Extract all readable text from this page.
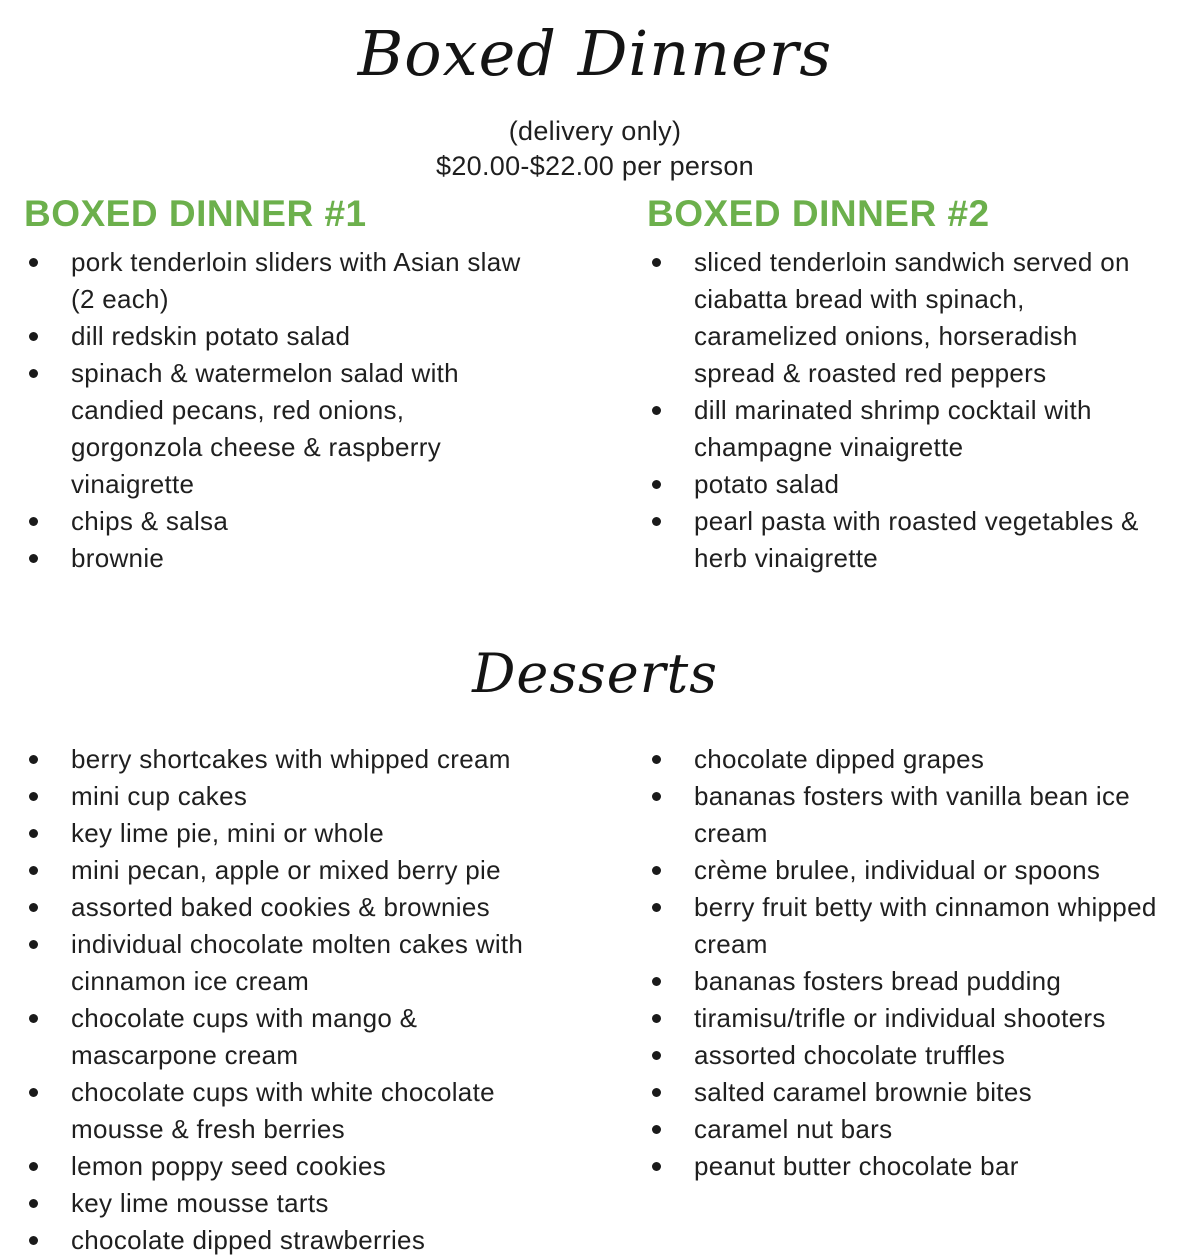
Boxed Dinners

(delivery only)

$20.00-$22.00 per person

BOXED DINNER #1
pork tenderloin sliders with Asian slaw (2 each)
dill redskin potato salad
spinach & watermelon salad with candied pecans, red onions, gorgonzola cheese & raspberry vinaigrette
chips & salsa
brownie
BOXED DINNER #2
sliced tenderloin sandwich served on ciabatta bread with spinach, caramelized onions, horseradish spread & roasted red peppers
dill marinated shrimp cocktail with champagne vinaigrette
potato salad
pearl pasta with roasted vegetables & herb vinaigrette
Desserts
berry shortcakes with whipped cream
mini cup cakes
key lime pie, mini or whole
mini pecan, apple or mixed berry pie
assorted baked cookies & brownies
individual chocolate molten cakes with cinnamon ice cream
chocolate cups with mango & mascarpone cream
chocolate cups with white chocolate mousse & fresh berries
lemon poppy seed cookies
key lime mousse tarts
chocolate dipped strawberries
chocolate dipped grapes
bananas fosters with vanilla bean ice cream
crème brulee, individual or spoons
berry fruit betty with cinnamon whipped cream
bananas fosters bread pudding
tiramisu/trifle or individual shooters
assorted chocolate truffles
salted caramel brownie bites
caramel nut bars
peanut butter chocolate bar
